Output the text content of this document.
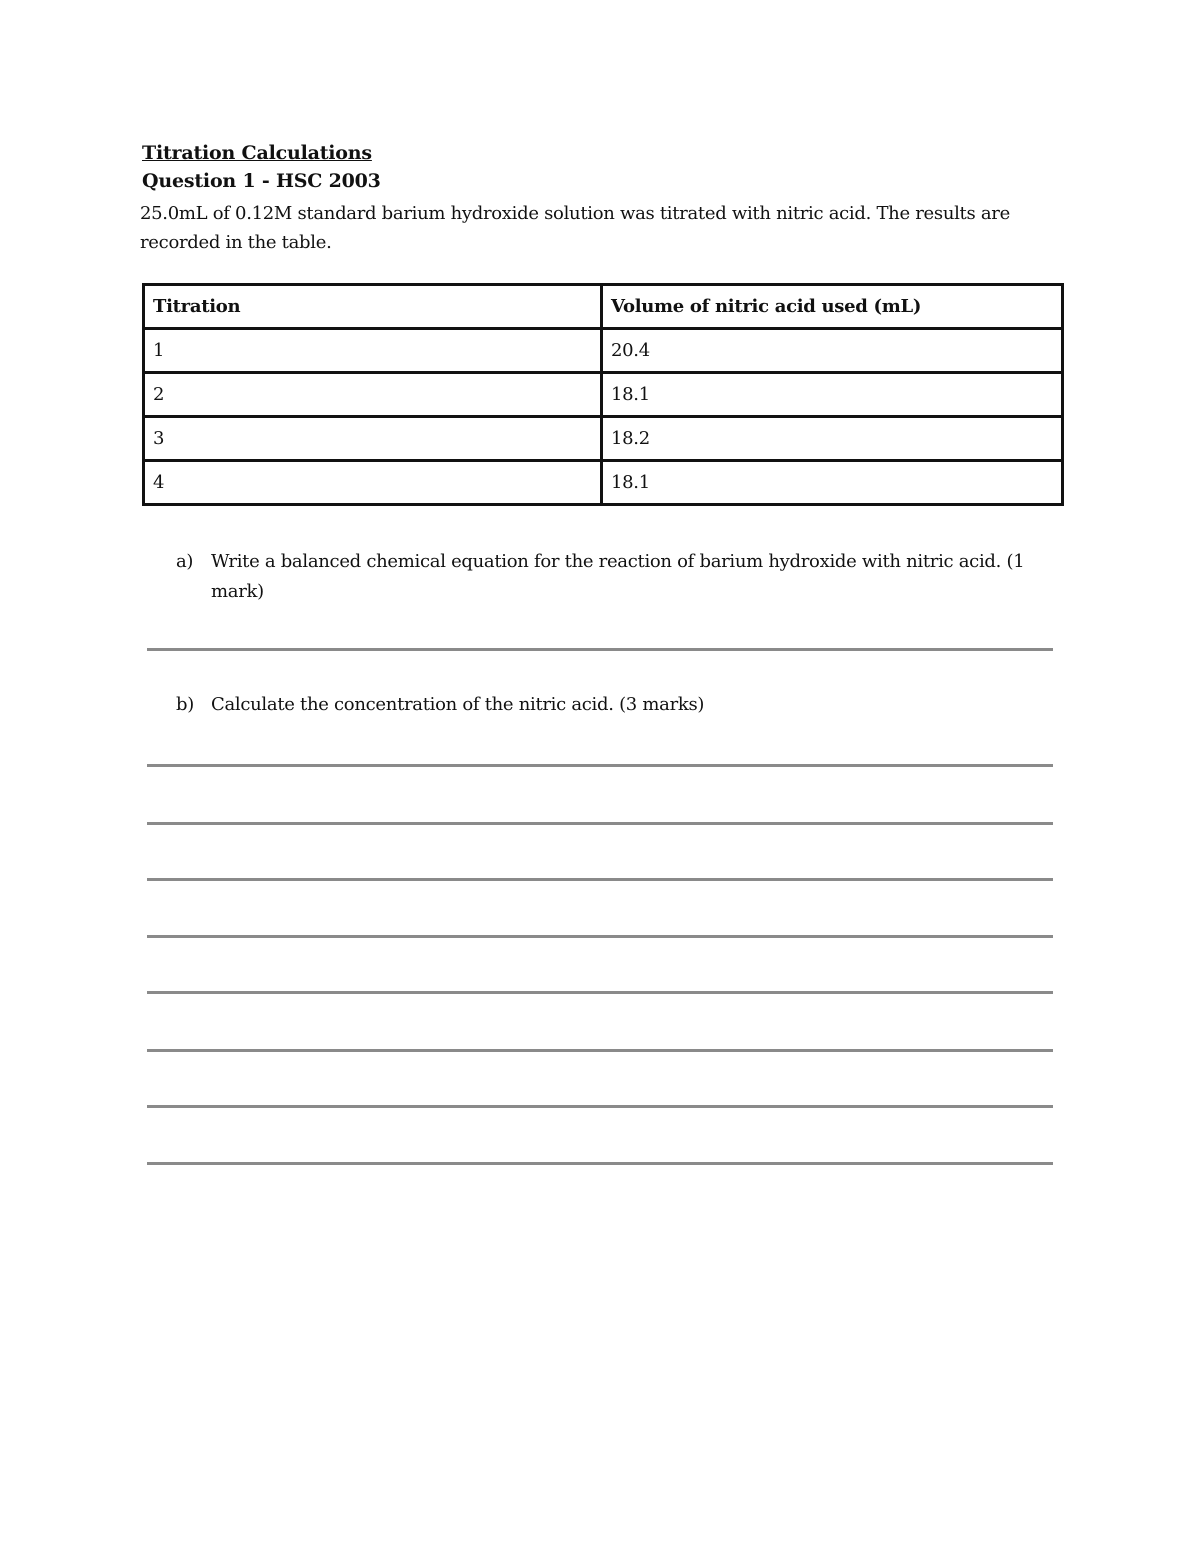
Titration Calculations
Question 1 - HSC 2003
25.0mL of 0.12M standard barium hydroxide solution was titrated with nitric acid. The results are recorded in the table.
Titration	Volume of nitric acid used (mL)
1	20.4
2	18.1
3	18.2
4	18.1
a) Write a balanced chemical equation for the reaction of barium hydroxide with nitric acid. (1 mark)
b) Calculate the concentration of the nitric acid. (3 marks)
